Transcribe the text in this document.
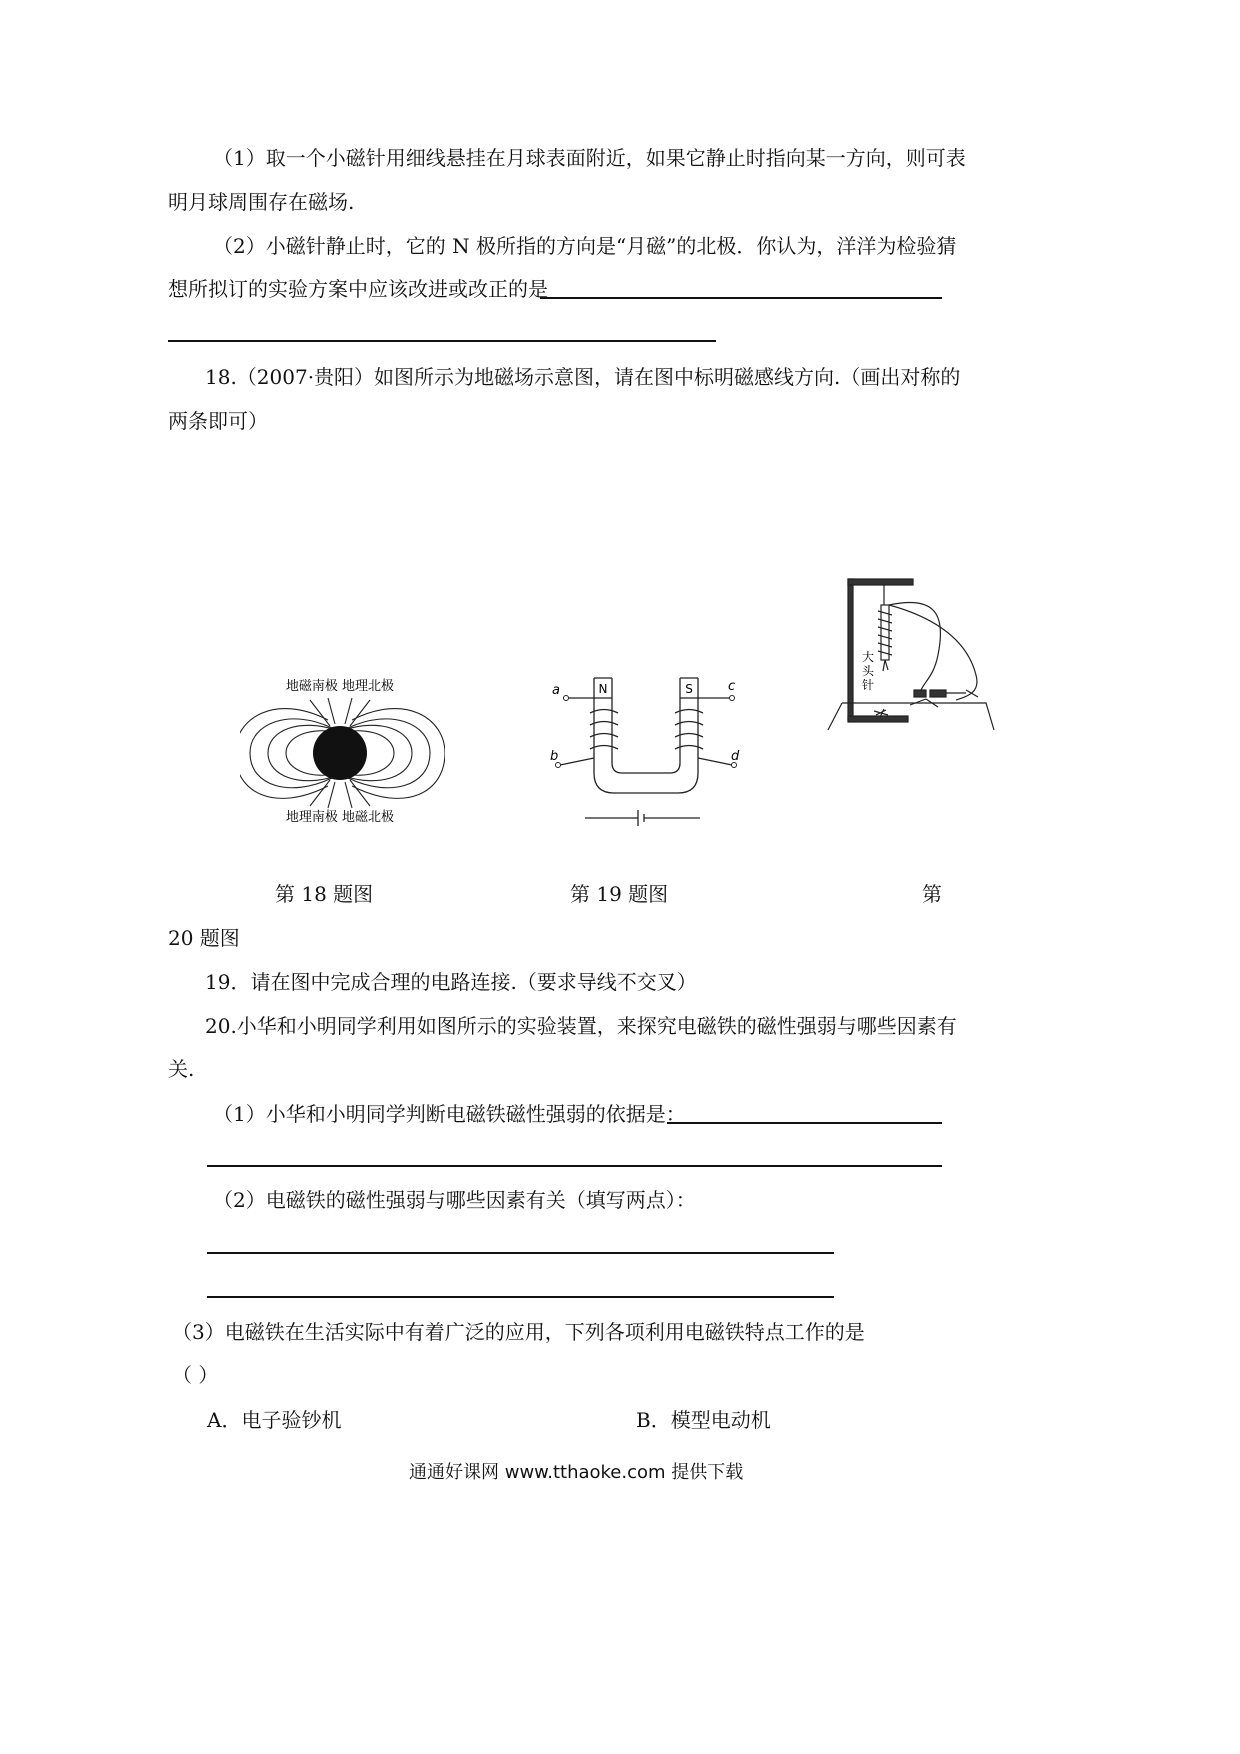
（1）取一个小磁针用细线悬挂在月球表面附近，如果它静止时指向某一方向，则可表
明月球周围存在磁场.
（2）小磁针静止时，它的 N 极所指的方向是“月磁”的北极．你认为，洋洋为检验猜
想所拟订的实验方案中应该改进或改正的是
18.（2007·贵阳）如图所示为地磁场示意图，请在图中标明磁感线方向.（画出对称的
两条即可）
地磁南极 地理北极
地理南极 地磁北极
a
b
c
d
N	S
大
头
针
第 18 题图	第 19 题图	第
20 题图
19．请在图中完成合理的电路连接.（要求导线不交叉）
20.小华和小明同学利用如图所示的实验装置，来探究电磁铁的磁性强弱与哪些因素有
关.
（1）小华和小明同学判断电磁铁磁性强弱的依据是：
（2）电磁铁的磁性强弱与哪些因素有关（填写两点）：
（3）电磁铁在生活实际中有着广泛的应用，下列各项利用电磁铁特点工作的是
（ ）
A．电子验钞机	B．模型电动机
通通好课网 www.tthaoke.com 提供下载
